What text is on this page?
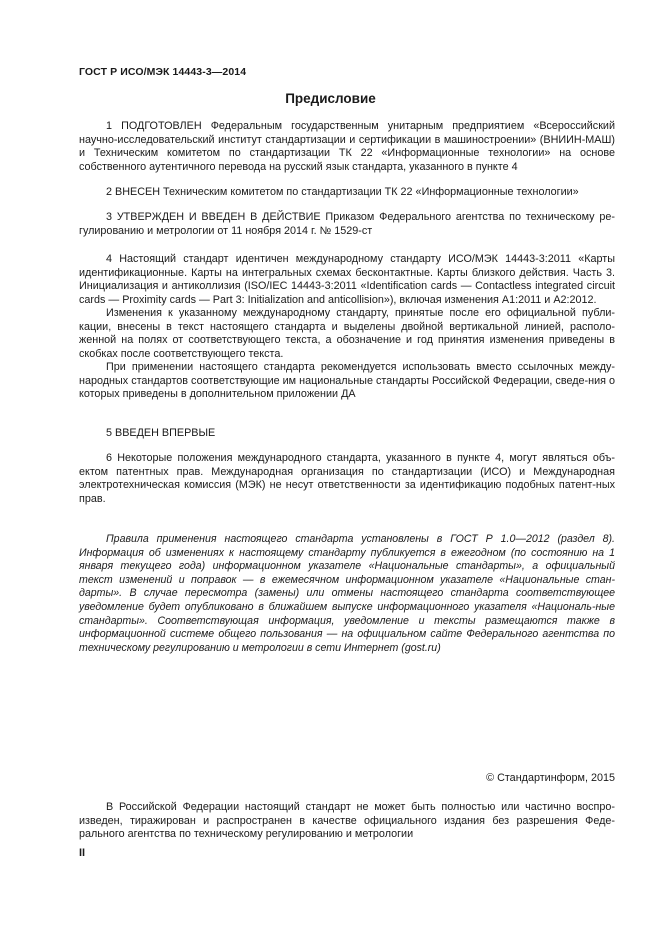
ГОСТ Р ИСО/МЭК 14443-3—2014
Предисловие

1 ПОДГОТОВЛЕН Федеральным государственным унитарным предприятием «Всероссийский научно-исследовательский институт стандартизации и сертификации в машиностроении» (ВНИИН-МАШ) и Техническим комитетом по стандартизации ТК 22 «Информационные технологии» на основе собственного аутентичного перевода на русский язык стандарта, указанного в пункте 4

2 ВНЕСЕН Техническим комитетом по стандартизации ТК 22 «Информационные технологии»

3 УТВЕРЖДЕН И ВВЕДЕН В ДЕЙСТВИЕ Приказом Федерального агентства по техническому ре-гулированию и метрологии от 11 ноября 2014 г. № 1529-ст

4 Настоящий стандарт идентичен международному стандарту ИСО/МЭК 14443-3:2011 «Карты идентификационные. Карты на интегральных схемах бесконтактные. Карты близкого действия. Часть 3. Инициализация и антиколлизия (ISO/IEC 14443-3:2011 «Identification cards — Contactless integrated circuit cards — Proximity cards — Part 3: Initialization and anticollision»), включая изменения А1:2011 и А2:2012.

Изменения к указанному международному стандарту, принятые после его официальной публи-кации, внесены в текст настоящего стандарта и выделены двойной вертикальной линией, располо-женной на полях от соответствующего текста, а обозначение и год принятия изменения приведены в скобках после соответствующего текста.

При применении настоящего стандарта рекомендуется использовать вместо ссылочных между-народных стандартов соответствующие им национальные стандарты Российской Федерации, сведе-ния о которых приведены в дополнительном приложении ДА

5 ВВЕДЕН ВПЕРВЫЕ

6 Некоторые положения международного стандарта, указанного в пункте 4, могут являться объ-ектом патентных прав. Международная организация по стандартизации (ИСО) и Международная электротехническая комиссия (МЭК) не несут ответственности за идентификацию подобных патент-ных прав.

Правила применения настоящего стандарта установлены в ГОСТ Р 1.0—2012 (раздел 8). Информация об изменениях к настоящему стандарту публикуется в ежегодном (по состоянию на 1 января текущего года) информационном указателе «Национальные стандарты», а официальный текст изменений и поправок — в ежемесячном информационном указателе «Национальные стан-дарты». В случае пересмотра (замены) или отмены настоящего стандарта соответствующее уведомление будет опубликовано в ближайшем выпуске информационного указателя «Националь-ные стандарты». Соответствующая информация, уведомление и тексты размещаются также в информационной системе общего пользования — на официальном сайте Федерального агентства по техническому регулированию и метрологии в сети Интернет (gost.ru)

© Стандартинформ, 2015

В Российской Федерации настоящий стандарт не может быть полностью или частично воспро-изведен, тиражирован и распространен в качестве официального издания без разрешения Феде-рального агентства по техническому регулированию и метрологии

II
